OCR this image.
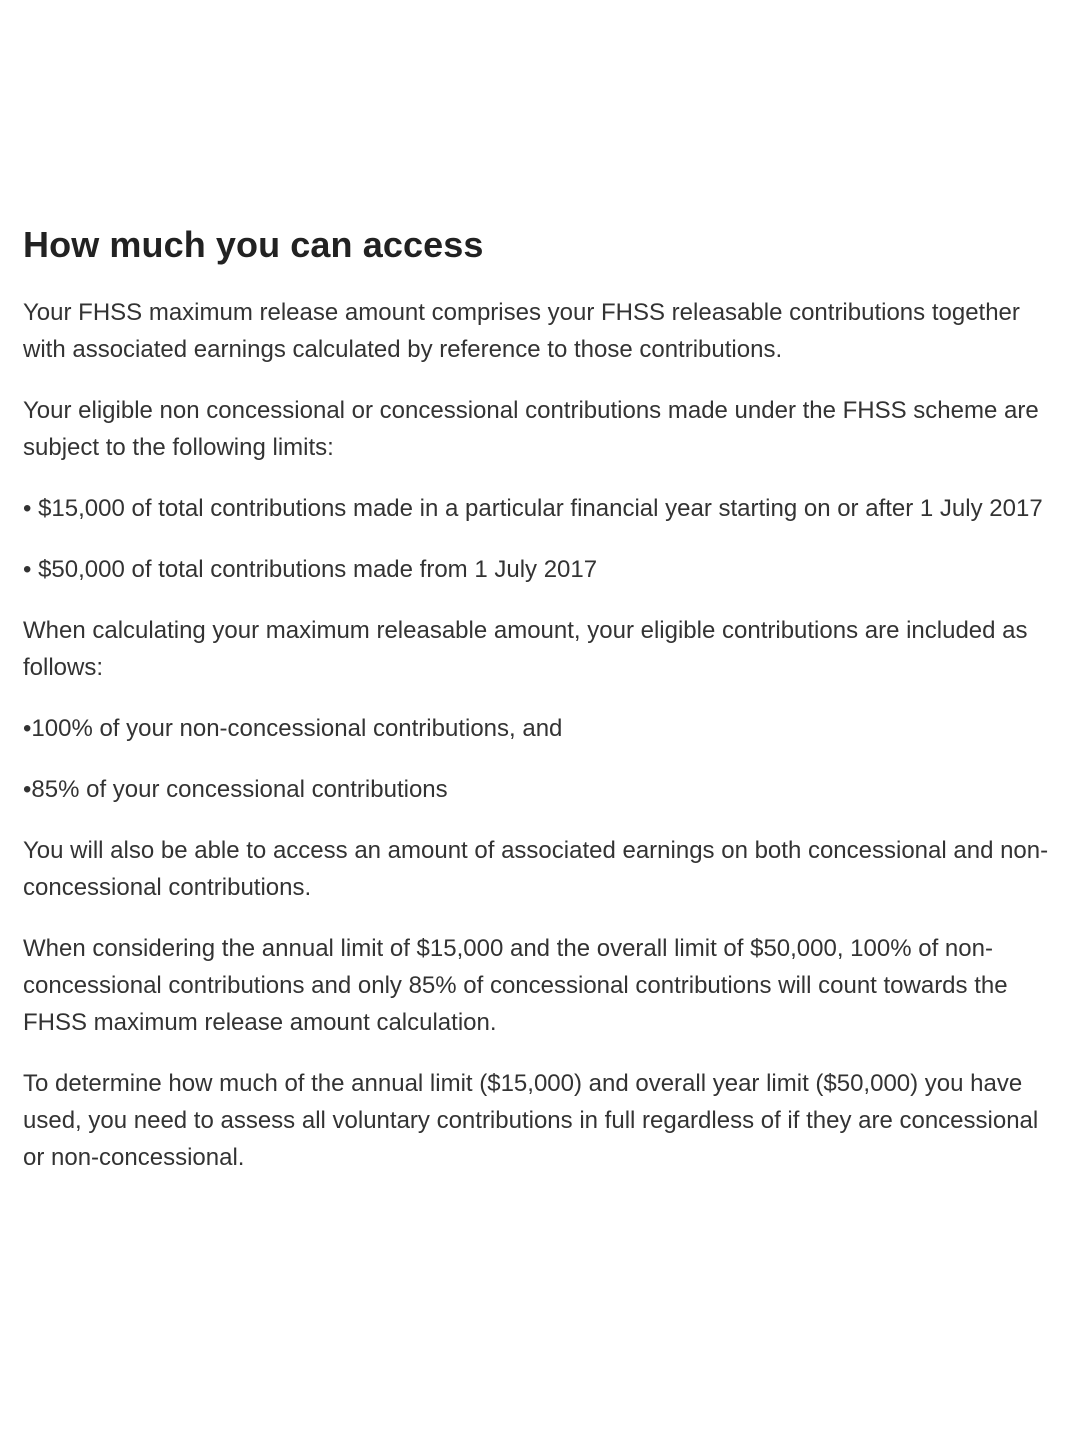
How much you can access

Your FHSS maximum release amount comprises your FHSS releasable contributions together with associated earnings calculated by reference to those contributions.

Your eligible non concessional or concessional contributions made under the FHSS scheme are subject to the following limits:

• $15,000 of total contributions made in a particular financial year starting on or after 1 July 2017

• $50,000 of total contributions made from 1 July 2017

When calculating your maximum releasable amount, your eligible contributions are included as follows:

•100% of your non-concessional contributions, and

•85% of your concessional contributions

You will also be able to access an amount of associated earnings on both concessional and non-concessional contributions.

When considering the annual limit of $15,000 and the overall limit of $50,000, 100% of non-concessional contributions and only 85% of concessional contributions will count towards the FHSS maximum release amount calculation.

To determine how much of the annual limit ($15,000) and overall year limit ($50,000) you have used, you need to assess all voluntary contributions in full regardless of if they are concessional or non-concessional.
